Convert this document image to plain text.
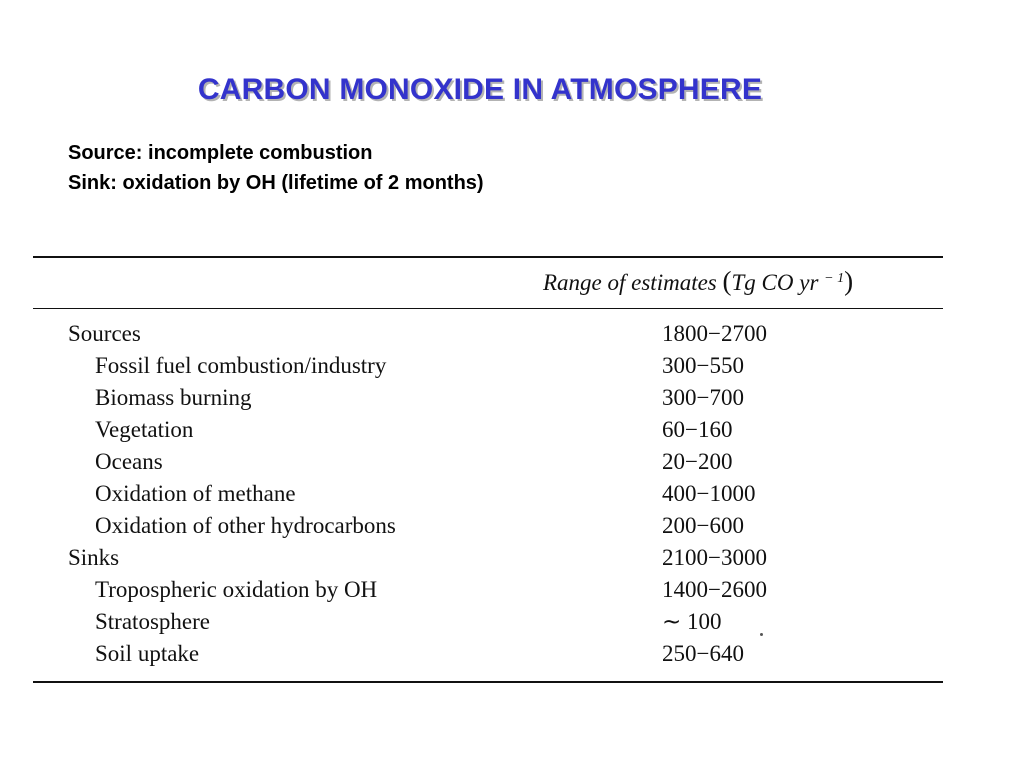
CARBON MONOXIDE IN ATMOSPHERE
Source: incomplete combustion
Sink: oxidation by OH (lifetime of 2 months)
Range of estimates (Tg CO yr $^{- 1}$)
Sources	1800−2700
Fossil fuel combustion/industry	300−550
Biomass burning	300−700
Vegetation	60−160
Oceans	20−200
Oxidation of methane	400−1000
Oxidation of other hydrocarbons	200−600
Sinks	2100−3000
Tropospheric oxidation by OH	1400−2600
Stratosphere	∼ 100
Soil uptake	250−640
